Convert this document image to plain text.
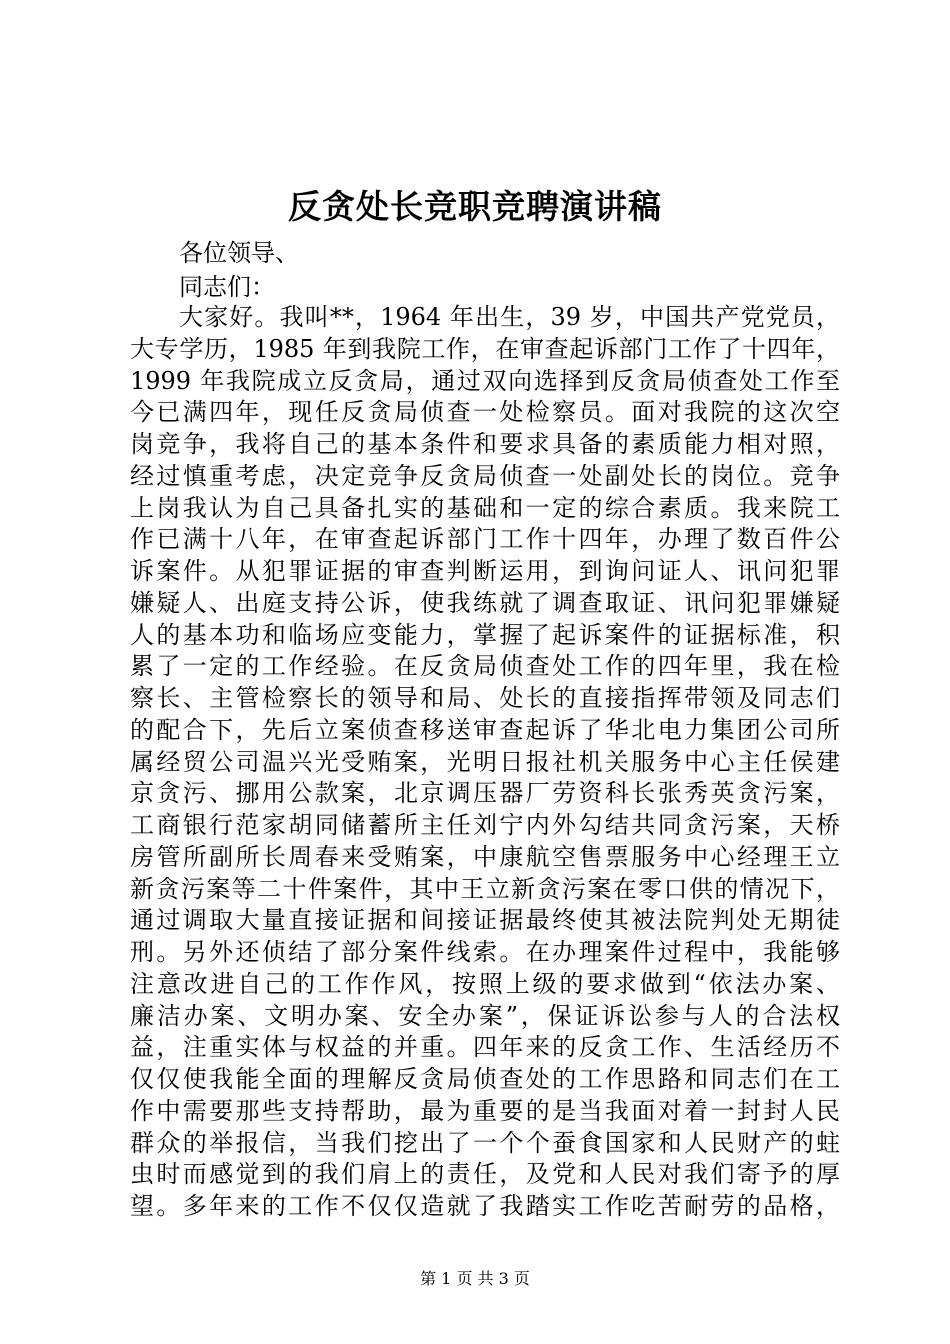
反贪处长竞职竞聘演讲稿
各位领导、
同志们：
大家好。我叫**，1964 年出生，39 岁，中国共产党党员，
大专学历，1985 年到我院工作，在审查起诉部门工作了十四年，
1999 年我院成立反贪局，通过双向选择到反贪局侦查处工作至
今已满四年，现任反贪局侦查一处检察员。面对我院的这次空
岗竞争，我将自己的基本条件和要求具备的素质能力相对照，
经过慎重考虑，决定竞争反贪局侦查一处副处长的岗位。竞争
上岗我认为自己具备扎实的基础和一定的综合素质。我来院工
作已满十八年，在审查起诉部门工作十四年，办理了数百件公
诉案件。从犯罪证据的审查判断运用，到询问证人、讯问犯罪
嫌疑人、出庭支持公诉，使我练就了调查取证、讯问犯罪嫌疑
人的基本功和临场应变能力，掌握了起诉案件的证据标准，积
累了一定的工作经验。在反贪局侦查处工作的四年里，我在检
察长、主管检察长的领导和局、处长的直接指挥带领及同志们
的配合下，先后立案侦查移送审查起诉了华北电力集团公司所
属经贸公司温兴光受贿案，光明日报社机关服务中心主任侯建
京贪污、挪用公款案，北京调压器厂劳资科长张秀英贪污案，
工商银行范家胡同储蓄所主任刘宁内外勾结共同贪污案，天桥
房管所副所长周春来受贿案，中康航空售票服务中心经理王立
新贪污案等二十件案件，其中王立新贪污案在零口供的情况下，
通过调取大量直接证据和间接证据最终使其被法院判处无期徒
刑。另外还侦结了部分案件线索。在办理案件过程中，我能够
注意改进自己的工作作风，按照上级的要求做到“依法办案、
廉洁办案、文明办案、安全办案”，保证诉讼参与人的合法权
益，注重实体与权益的并重。四年来的反贪工作、生活经历不
仅仅使我能全面的理解反贪局侦查处的工作思路和同志们在工
作中需要那些支持帮助，最为重要的是当我面对着一封封人民
群众的举报信，当我们挖出了一个个蚕食国家和人民财产的蛀
虫时而感觉到的我们肩上的责任，及党和人民对我们寄予的厚
望。多年来的工作不仅仅造就了我踏实工作吃苦耐劳的品格，
第 1 页 共 3 页
